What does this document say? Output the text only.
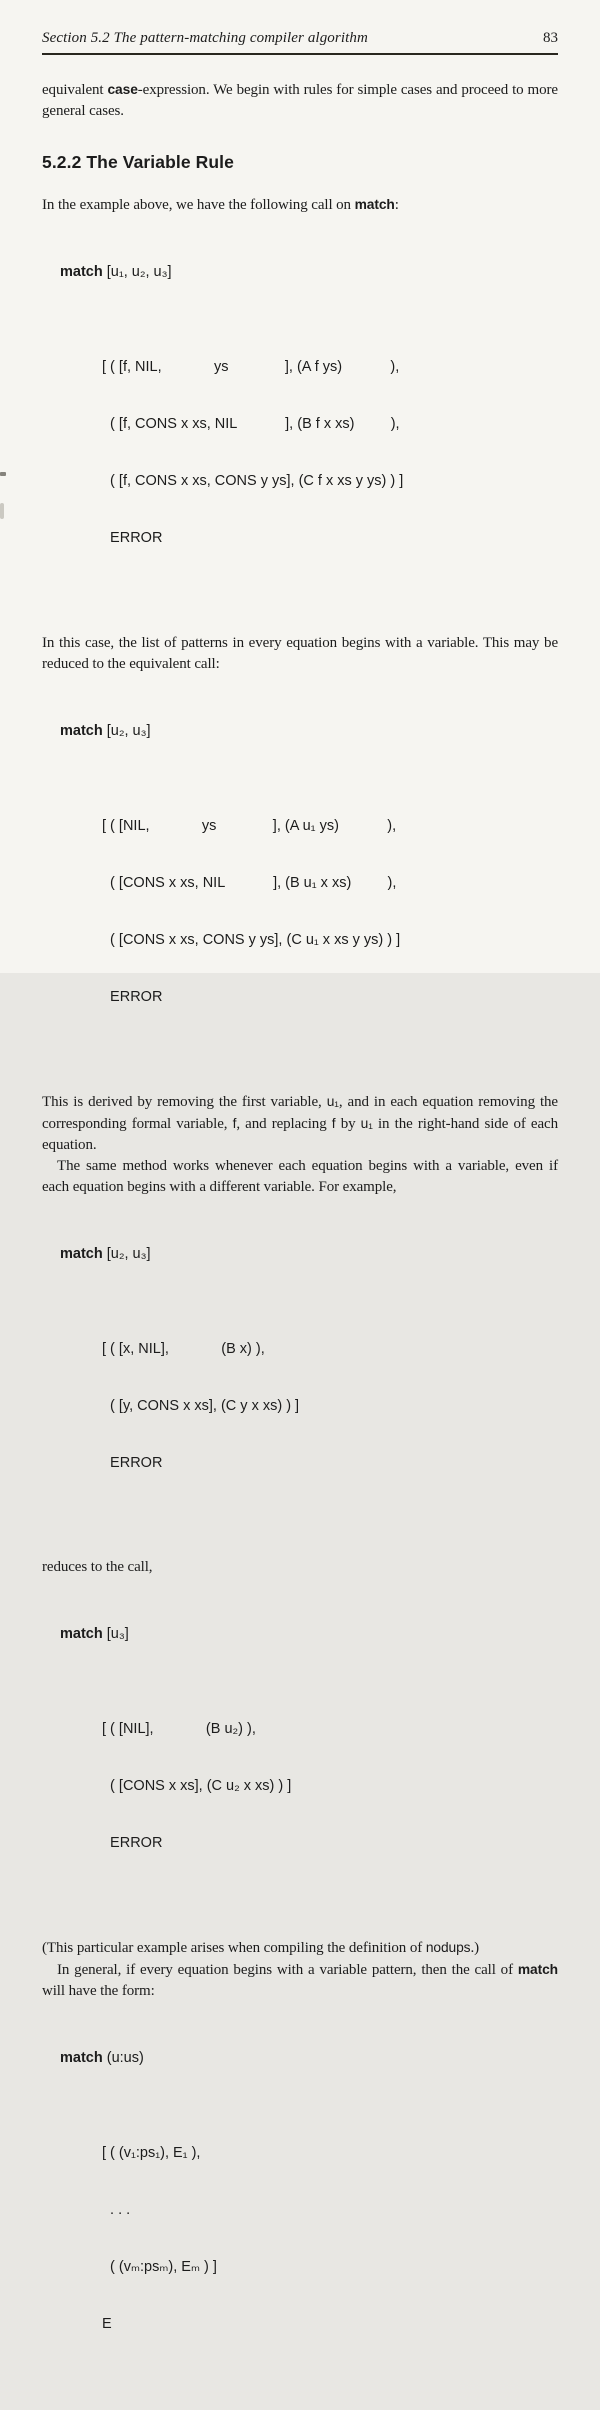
Section 5.2 The pattern-matching compiler algorithm	83

equivalent case-expression. We begin with rules for simple cases and proceed to more general cases.

5.2.2 The Variable Rule

In the example above, we have the following call on match:

match [u₁, u₂, u₃]

[ ( [f, NIL,             ys              ], (A f ys)            ),

( [f, CONS x xs, NIL            ], (B f x xs)         ),

( [f, CONS x xs, CONS y ys], (C f x xs y ys) ) ]

ERROR

In this case, the list of patterns in every equation begins with a variable. This may be reduced to the equivalent call:

match [u₂, u₃]

[ ( [NIL,             ys              ], (A u₁ ys)            ),

( [CONS x xs, NIL            ], (B u₁ x xs)         ),

( [CONS x xs, CONS y ys], (C u₁ x xs y ys) ) ]

ERROR

This is derived by removing the first variable, u₁, and in each equation removing the corresponding formal variable, f, and replacing f by u₁ in the right-hand side of each equation.

The same method works whenever each equation begins with a variable, even if each equation begins with a different variable. For example,

match [u₂, u₃]

[ ( [x, NIL],             (B x) ),

( [y, CONS x xs], (C y x xs) ) ]

ERROR

reduces to the call,

match [u₃]

[ ( [NIL],             (B u₂) ),

( [CONS x xs], (C u₂ x xs) ) ]

ERROR

(This particular example arises when compiling the definition of nodups.)

In general, if every equation begins with a variable pattern, then the call of match will have the form:

match (u:us)

[ ( (v₁:ps₁), E₁ ),

. . .

( (vₘ:psₘ), Eₘ ) ]

E
